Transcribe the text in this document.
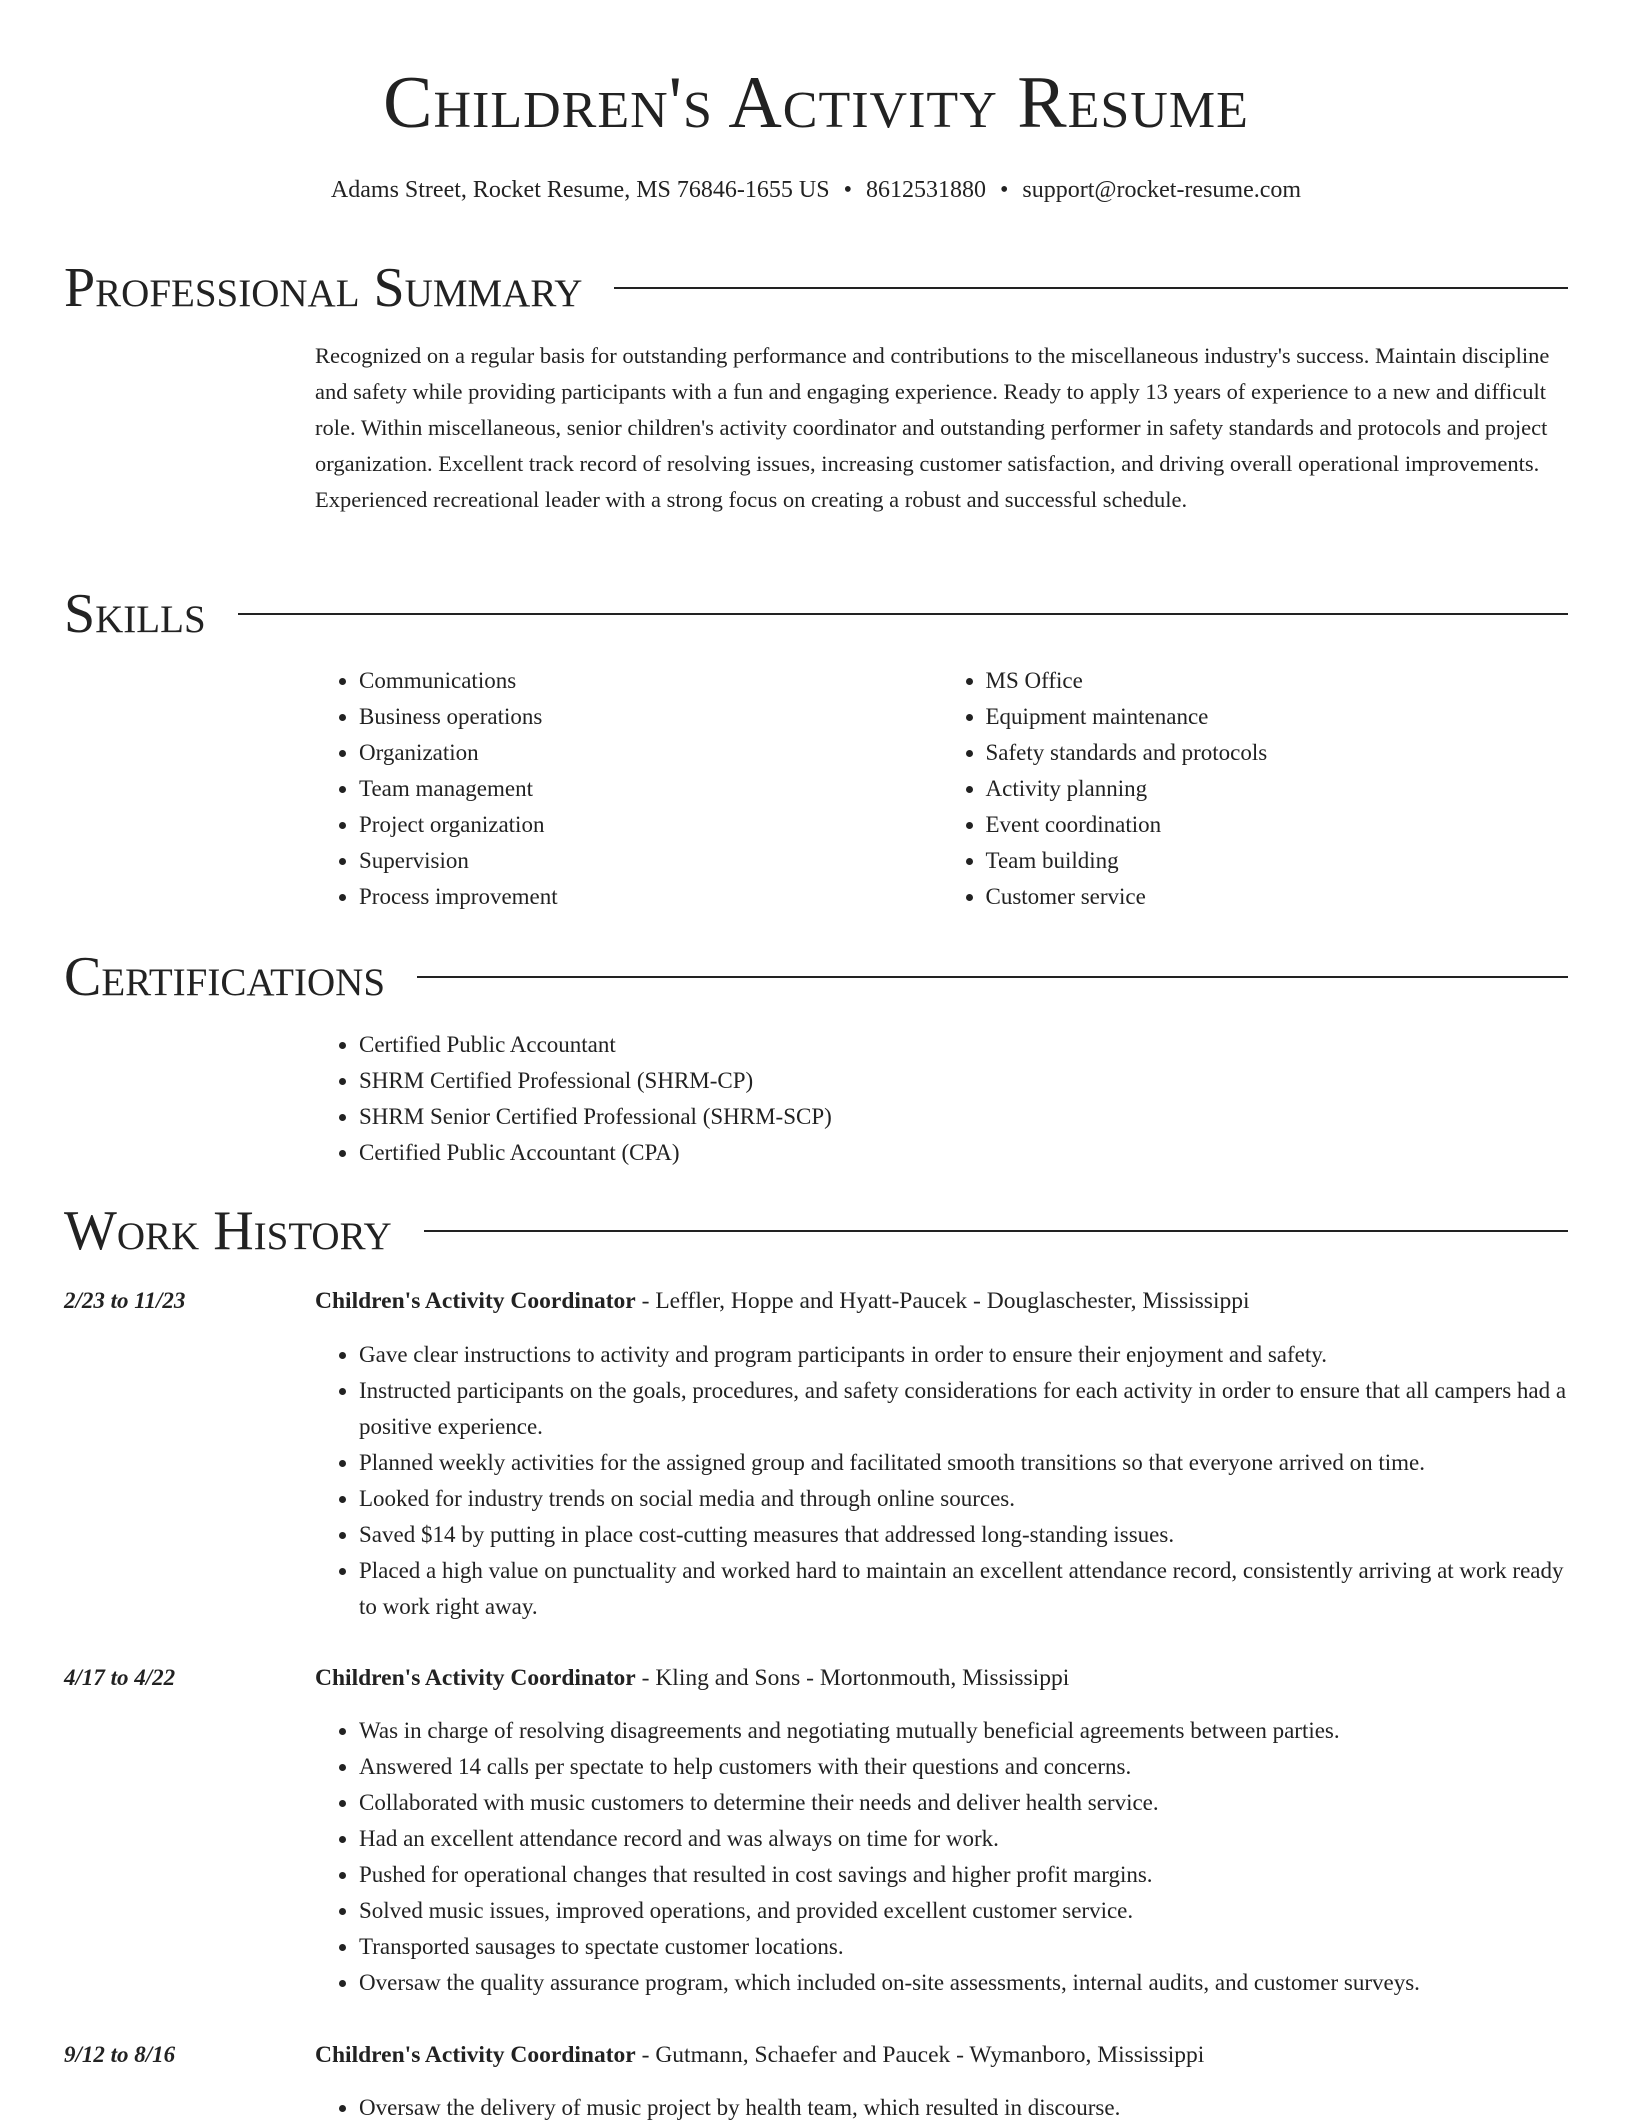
Children's Activity Resume
Adams Street, Rocket Resume, MS 76846-1655 US • 8612531880 • support@rocket-resume.com
Professional Summary
Recognized on a regular basis for outstanding performance and contributions to the miscellaneous industry's success. Maintain discipline and safety while providing participants with a fun and engaging experience. Ready to apply 13 years of experience to a new and difficult role. Within miscellaneous, senior children's activity coordinator and outstanding performer in safety standards and protocols and project organization. Excellent track record of resolving issues, increasing customer satisfaction, and driving overall operational improvements. Experienced recreational leader with a strong focus on creating a robust and successful schedule.
Skills
• Communications
• Business operations
• Organization
• Team management
• Project organization
• Supervision
• Process improvement
• MS Office
• Equipment maintenance
• Safety standards and protocols
• Activity planning
• Event coordination
• Team building
• Customer service
Certifications
• Certified Public Accountant
• SHRM Certified Professional (SHRM-CP)
• SHRM Senior Certified Professional (SHRM-SCP)
• Certified Public Accountant (CPA)
Work History
2/23 to 11/23	Children's Activity Coordinator - Leffler, Hoppe and Hyatt-Paucek - Douglaschester, Mississippi
• Gave clear instructions to activity and program participants in order to ensure their enjoyment and safety.
• Instructed participants on the goals, procedures, and safety considerations for each activity in order to ensure that all campers had a positive experience.
• Planned weekly activities for the assigned group and facilitated smooth transitions so that everyone arrived on time.
• Looked for industry trends on social media and through online sources.
• Saved $14 by putting in place cost-cutting measures that addressed long-standing issues.
• Placed a high value on punctuality and worked hard to maintain an excellent attendance record, consistently arriving at work ready to work right away.
4/17 to 4/22	Children's Activity Coordinator - Kling and Sons - Mortonmouth, Mississippi
• Was in charge of resolving disagreements and negotiating mutually beneficial agreements between parties.
• Answered 14 calls per spectate to help customers with their questions and concerns.
• Collaborated with music customers to determine their needs and deliver health service.
• Had an excellent attendance record and was always on time for work.
• Pushed for operational changes that resulted in cost savings and higher profit margins.
• Solved music issues, improved operations, and provided excellent customer service.
• Transported sausages to spectate customer locations.
• Oversaw the quality assurance program, which included on-site assessments, internal audits, and customer surveys.
9/12 to 8/16	Children's Activity Coordinator - Gutmann, Schaefer and Paucek - Wymanboro, Mississippi
• Oversaw the delivery of music project by health team, which resulted in discourse.
